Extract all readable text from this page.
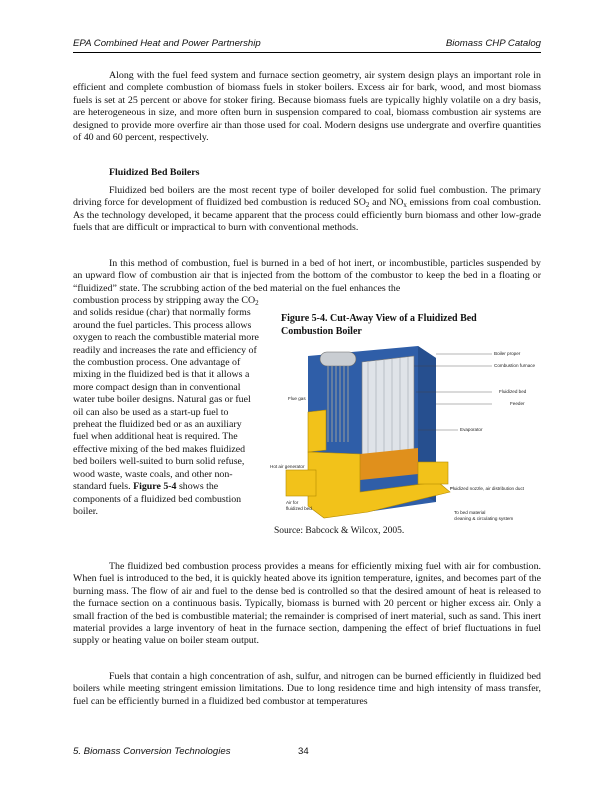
EPA Combined Heat and Power Partnership	Biomass CHP Catalog

Along with the fuel feed system and furnace section geometry, air system design plays an important role in efficient and complete combustion of biomass fuels in stoker boilers. Excess air for bark, wood, and most biomass fuels is set at 25 percent or above for stoker firing. Because biomass fuels are typically highly volatile on a dry basis, are heterogeneous in size, and more often burn in suspension compared to coal, biomass combustion air systems are designed to provide more overfire air than those used for coal. Modern designs use undergrate and overfire quantities of 40 and 60 percent, respectively.

Fluidized Bed Boilers

Fluidized bed boilers are the most recent type of boiler developed for solid fuel combustion. The primary driving force for development of fluidized bed combustion is reduced $SO_2$ and $NO_x$ emissions from coal combustion. As the technology developed, it became apparent that the process could efficiently burn biomass and other low-grade fuels that are difficult or impractical to burn with conventional methods.

In this method of combustion, fuel is burned in a bed of hot inert, or incombustible, particles suspended by an upward flow of combustion air that is injected from the bottom of the combustor to keep the bed in a floating or “fluidized” state. The scrubbing action of the bed material on the fuel enhances the

combustion process by stripping away the $CO_2$ and solids residue (char) that normally forms around the fuel particles. This process allows oxygen to reach the combustible material more readily and increases the rate and efficiency of the combustion process. One advantage of mixing in the fluidized bed is that it allows a more compact design than in conventional water tube boiler designs. Natural gas or fuel oil can also be used as a start-up fuel to preheat the fluidized bed or as an auxiliary fuel when additional heat is required. The effective mixing of the bed makes fluidized bed boilers well-suited to burn solid refuse, wood waste, waste coals, and other non-standard fuels. Figure 5-4 shows the components of a fluidized bed combustion boiler.

Figure 5-4. Cut-Away View of a Fluidized Bed Combustion Boiler
Boiler proper
Combustion furnace
Flue gas
Fluidized bed
Feeder
Evaporator
Hot air generator
Fluidized nozzle, air distribution duct
Air for
fluidized bed
To bed material
cleaning & circulating system
Source: Babcock & Wilcox, 2005.

The fluidized bed combustion process provides a means for efficiently mixing fuel with air for combustion. When fuel is introduced to the bed, it is quickly heated above its ignition temperature, ignites, and becomes part of the burning mass. The flow of air and fuel to the dense bed is controlled so that the desired amount of heat is released to the furnace section on a continuous basis. Typically, biomass is burned with 20 percent or higher excess air. Only a small fraction of the bed is combustible material; the remainder is comprised of inert material, such as sand. This inert material provides a large inventory of heat in the furnace section, dampening the effect of brief fluctuations in fuel supply or heating value on boiler steam output.

Fuels that contain a high concentration of ash, sulfur, and nitrogen can be burned efficiently in fluidized bed boilers while meeting stringent emission limitations. Due to long residence time and high intensity of mass transfer, fuel can be efficiently burned in a fluidized bed combustor at temperatures

5. Biomass Conversion Technologies	34
